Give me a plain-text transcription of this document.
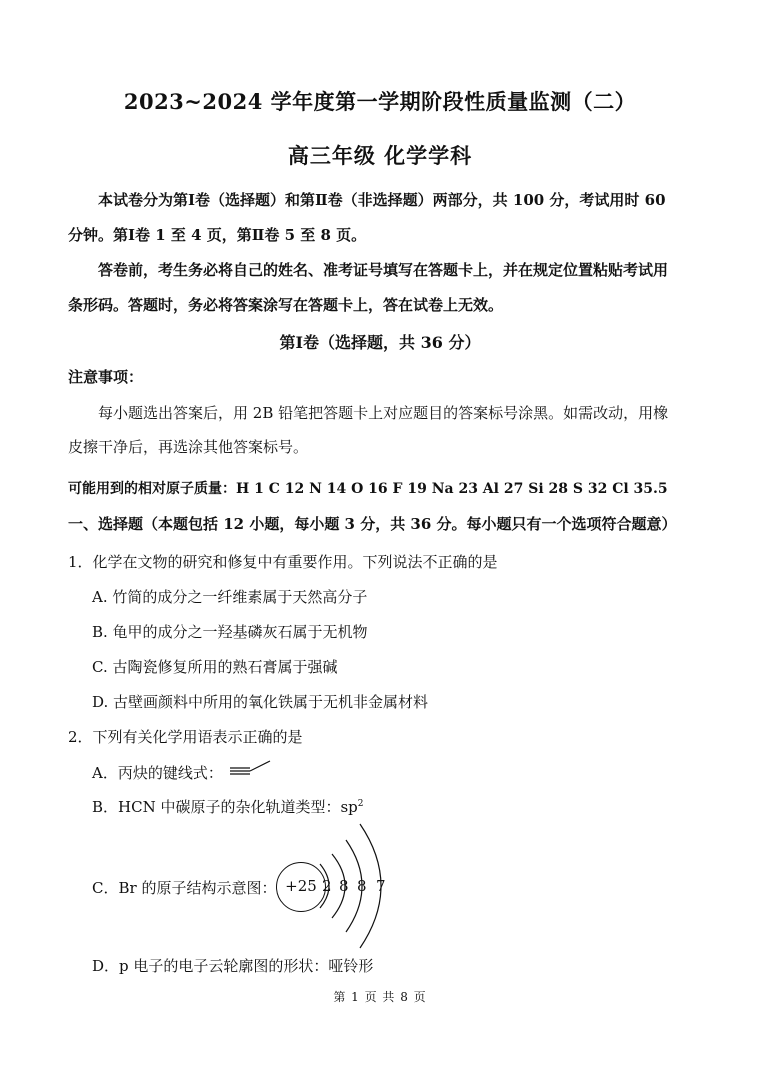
2023~2024 学年度第一学期阶段性质量监测（二）
高三年级 化学学科
本试卷分为第Ⅰ卷（选择题）和第Ⅱ卷（非选择题）两部分，共 100 分，考试用时 60
分钟。第Ⅰ卷 1 至 4 页，第Ⅱ卷 5 至 8 页。
答卷前，考生务必将自己的姓名、准考证号填写在答题卡上，并在规定位置粘贴考试用
条形码。答题时，务必将答案涂写在答题卡上，答在试卷上无效。
第Ⅰ卷（选择题，共 36 分）
注意事项：
每小题选出答案后，用 2B 铅笔把答题卡上对应题目的答案标号涂黑。如需改动，用橡
皮擦干净后，再选涂其他答案标号。
可能用到的相对原子质量：H 1 C 12 N 14 O 16 F 19 Na 23 Al 27 Si 28 S 32 Cl 35.5
一、选择题（本题包括 12 小题，每小题 3 分，共 36 分。每小题只有一个选项符合题意）
1．化学在文物的研究和修复中有重要作用。下列说法不正确的是
A. 竹简的成分之一纤维素属于天然高分子
B. 龟甲的成分之一羟基磷灰石属于无机物
C. 古陶瓷修复所用的熟石膏属于强碱
D. 古壁画颜料中所用的氧化铁属于无机非金属材料
2．下列有关化学用语表示正确的是
A．丙炔的键线式：
B．HCN 中碳原子的杂化轨道类型：$sp^2$
C．Br 的原子结构示意图： +25 2 8 8 7
D．p 电子的电子云轮廓图的形状：哑铃形
第 1 页 共 8 页
